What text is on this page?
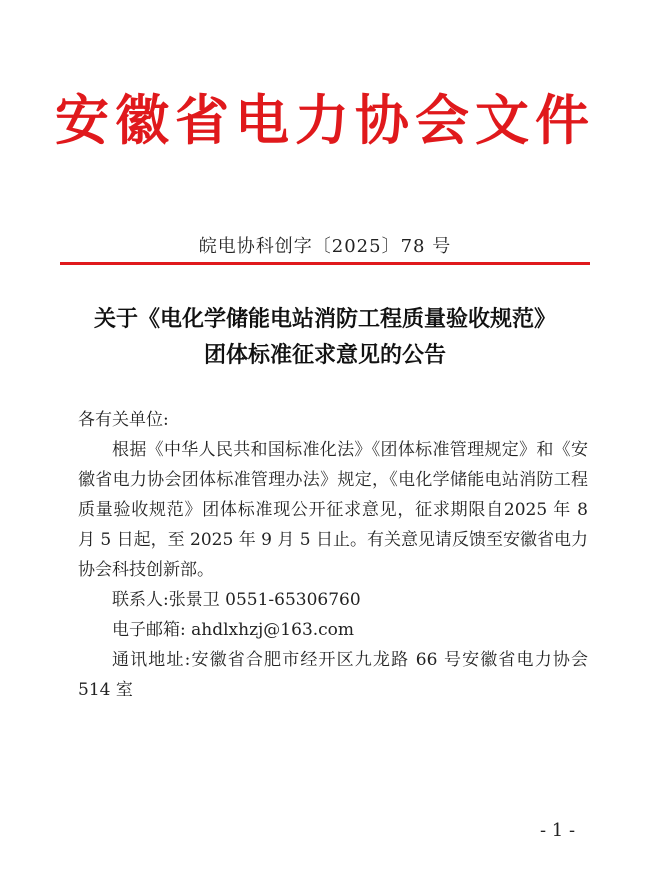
安徽省电力协会文件
皖电协科创字〔2025〕78 号
关于《电化学储能电站消防工程质量验收规范》
团体标准征求意见的公告

各有关单位:

根据《中华人民共和国标准化法》《团体标准管理规定》和《安徽省电力协会团体标准管理办法》规定，《电化学储能电站消防工程质量验收规范》团体标准现公开征求意见，征求期限自2025 年 8 月 5 日起，至 2025 年 9 月 5 日止。有关意见请反馈至安徽省电力协会科技创新部。

联系人:张景卫 0551-65306760

电子邮箱: ahdlxhzj@163.com

通讯地址:安徽省合肥市经开区九龙路 66 号安徽省电力协会 514 室

- 1 -
